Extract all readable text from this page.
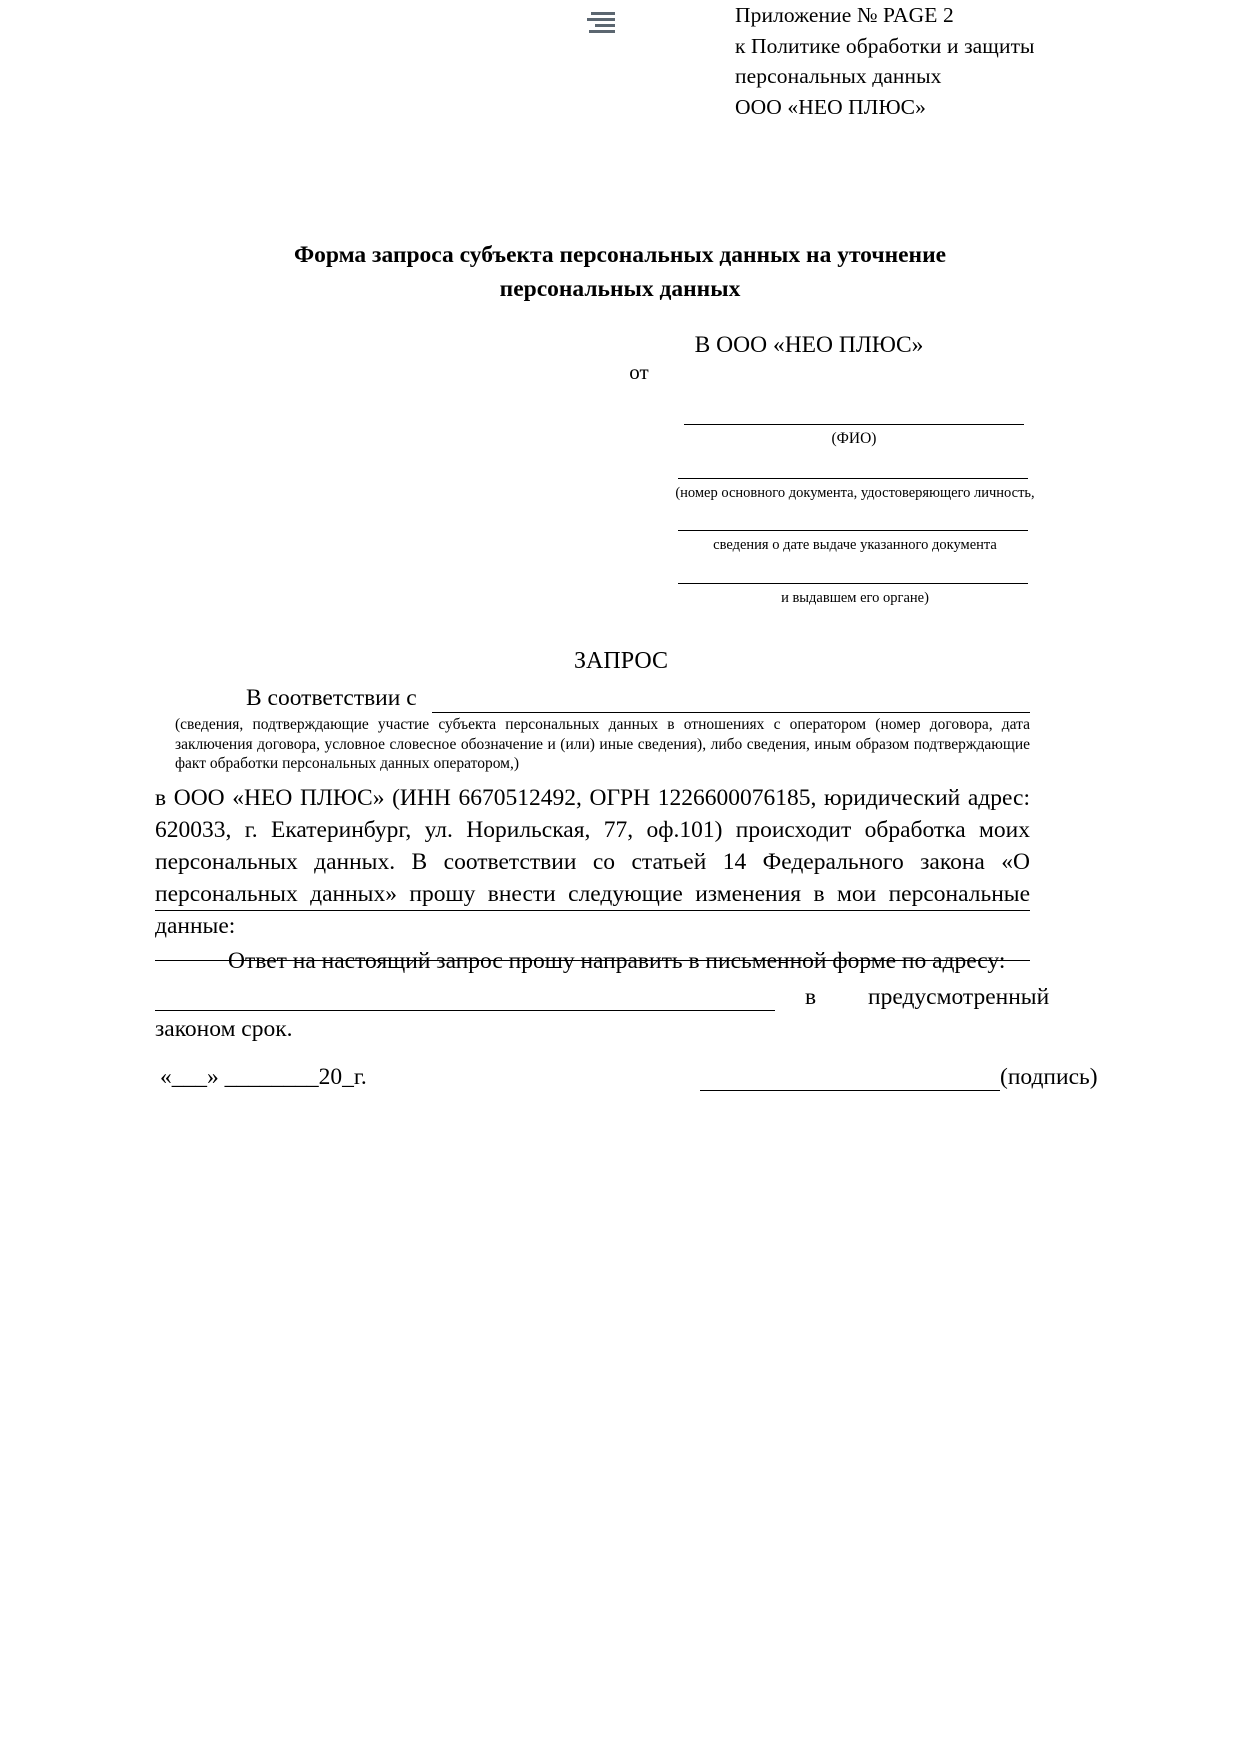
Приложение № PAGE 2
к Политике обработки и защиты
персональных данных
ООО «НЕО ПЛЮС»
Форма запроса субъекта персональных данных на уточнение
персональных данных
В ООО «НЕО ПЛЮС»
от
(ФИО)
(номер основного документа, удостоверяющего личность,
сведения о дате выдаче указанного документа
и выдавшем его органе)
ЗАПРОС
В соответствии с
(сведения, подтверждающие участие субъекта персональных данных в отношениях с оператором (номер договора, дата заключения договора, условное словесное обозначение и (или) иные сведения), либо сведения, иным образом подтверждающие факт обработки персональных данных оператором,)
в ООО «НЕО ПЛЮС» (ИНН 6670512492, ОГРН 1226600076185, юридический адрес: 620033, г. Екатеринбург, ул. Норильская, 77, оф.101) происходит обработка моих персональных данных. В соответствии со статьей 14 Федерального закона «О персональных данных» прошу внести следующие изменения в мои персональные данные:
Ответ на настоящий запрос прошу направить в письменной форме по адресу:
в	предусмотренный
законом срок.
«___» ________20_г.	(подпись)
